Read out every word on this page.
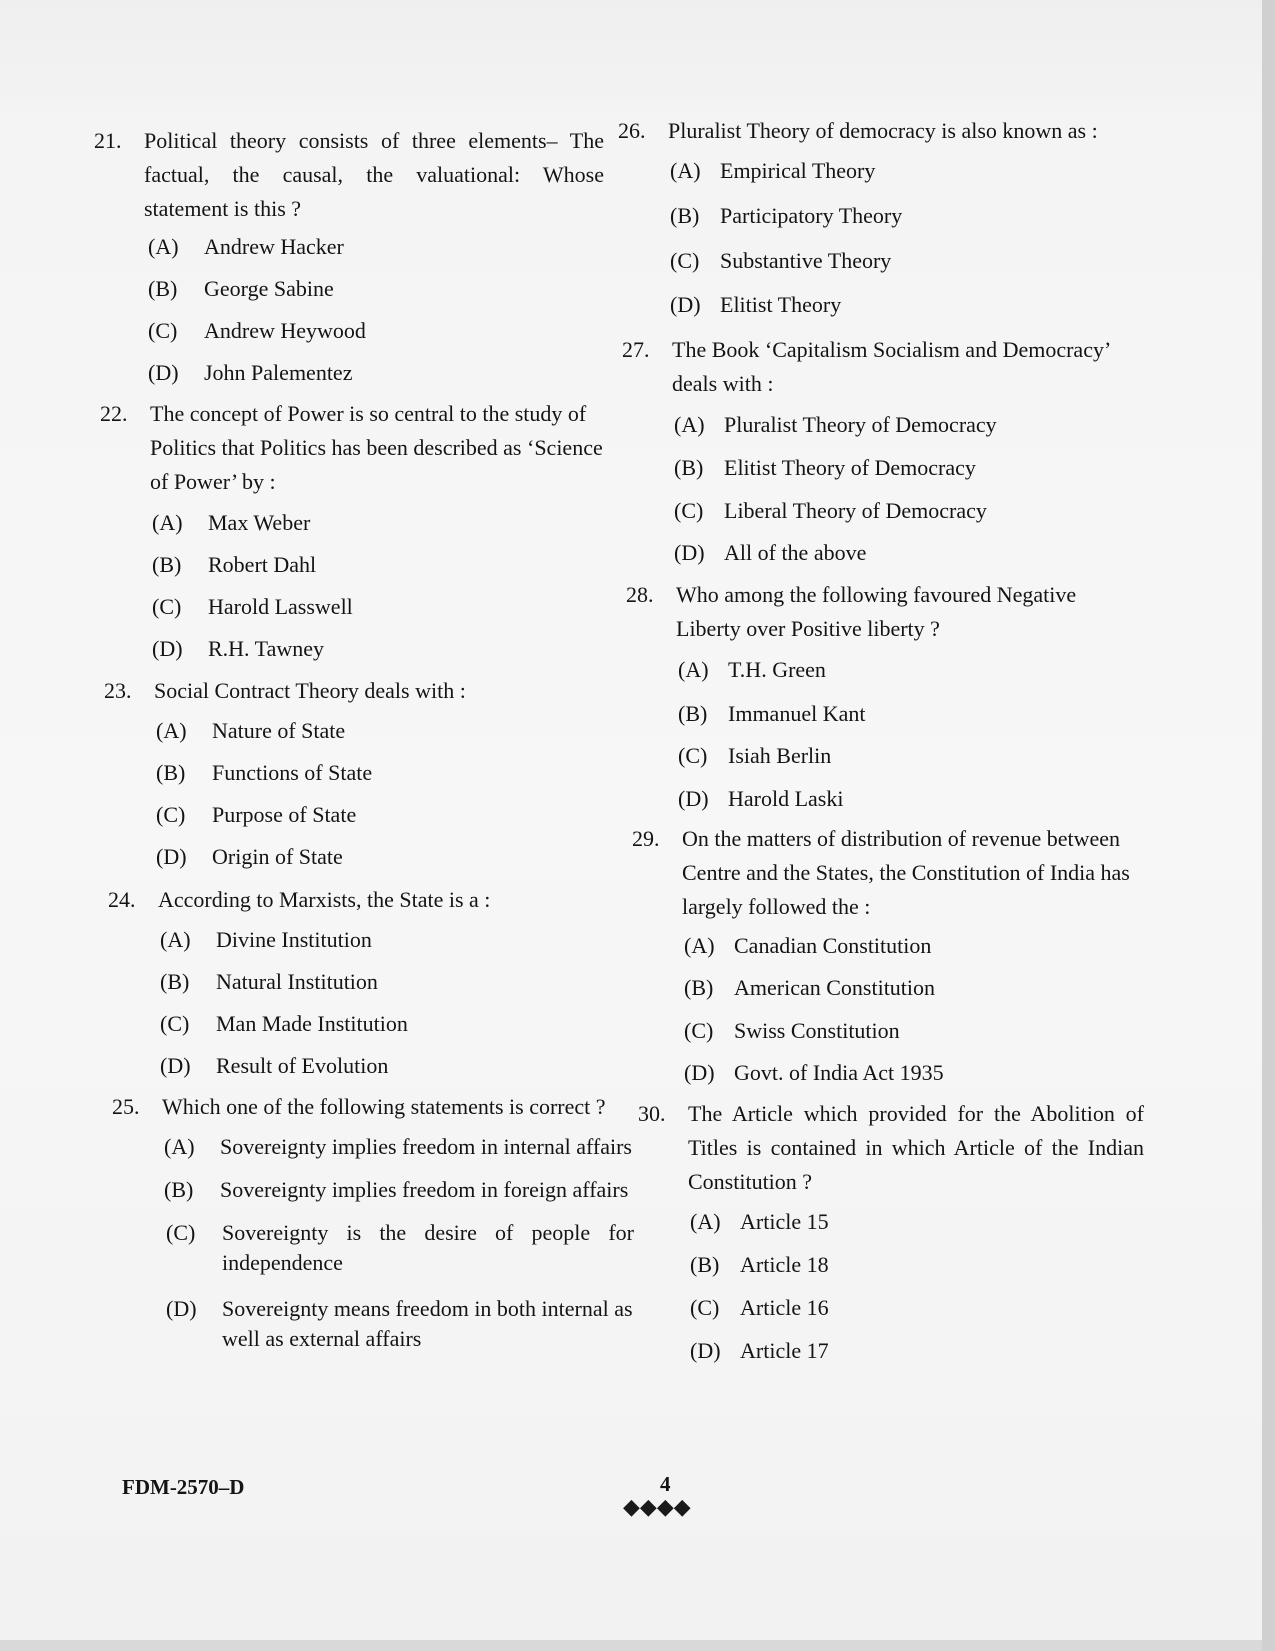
21. Political theory consists of three elements– The factual, the causal, the valuational: Whose statement is this ?
(A) Andrew Hacker
(B) George Sabine
(C) Andrew Heywood
(D) John Palementez
22. The concept of Power is so central to the study of Politics that Politics has been described as ‘Science of Power’ by :
(A) Max Weber
(B) Robert Dahl
(C) Harold Lasswell
(D) R.H. Tawney
23. Social Contract Theory deals with :
(A) Nature of State
(B) Functions of State
(C) Purpose of State
(D) Origin of State
24. According to Marxists, the State is a :
(A) Divine Institution
(B) Natural Institution
(C) Man Made Institution
(D) Result of Evolution
25. Which one of the following statements is correct ?
(A) Sovereignty implies freedom in internal affairs
(B) Sovereignty implies freedom in foreign affairs
(C)	Sovereignty is the desire of people for independence
(D)	Sovereignty means freedom in both internal as well as external affairs
26. Pluralist Theory of democracy is also known as :
(A) Empirical Theory
(B) Participatory Theory
(C) Substantive Theory
(D) Elitist Theory
27. The Book ‘Capitalism Socialism and Democracy’ deals with :
(A) Pluralist Theory of Democracy
(B) Elitist Theory of Democracy
(C) Liberal Theory of Democracy
(D) All of the above
28. Who among the following favoured Negative Liberty over Positive liberty ?
(A) T.H. Green
(B) Immanuel Kant
(C) Isiah Berlin
(D) Harold Laski
29. On the matters of distribution of revenue between Centre and the States, the Constitution of India has largely followed the :
(A) Canadian Constitution
(B) American Constitution
(C) Swiss Constitution
(D) Govt. of India Act 1935
30. The Article which provided for the Abolition of Titles is contained in which Article of the Indian Constitution ?
(A) Article 15
(B) Article 18
(C) Article 16
(D) Article 17
FDM-2570–D	4
◆◆◆◆
